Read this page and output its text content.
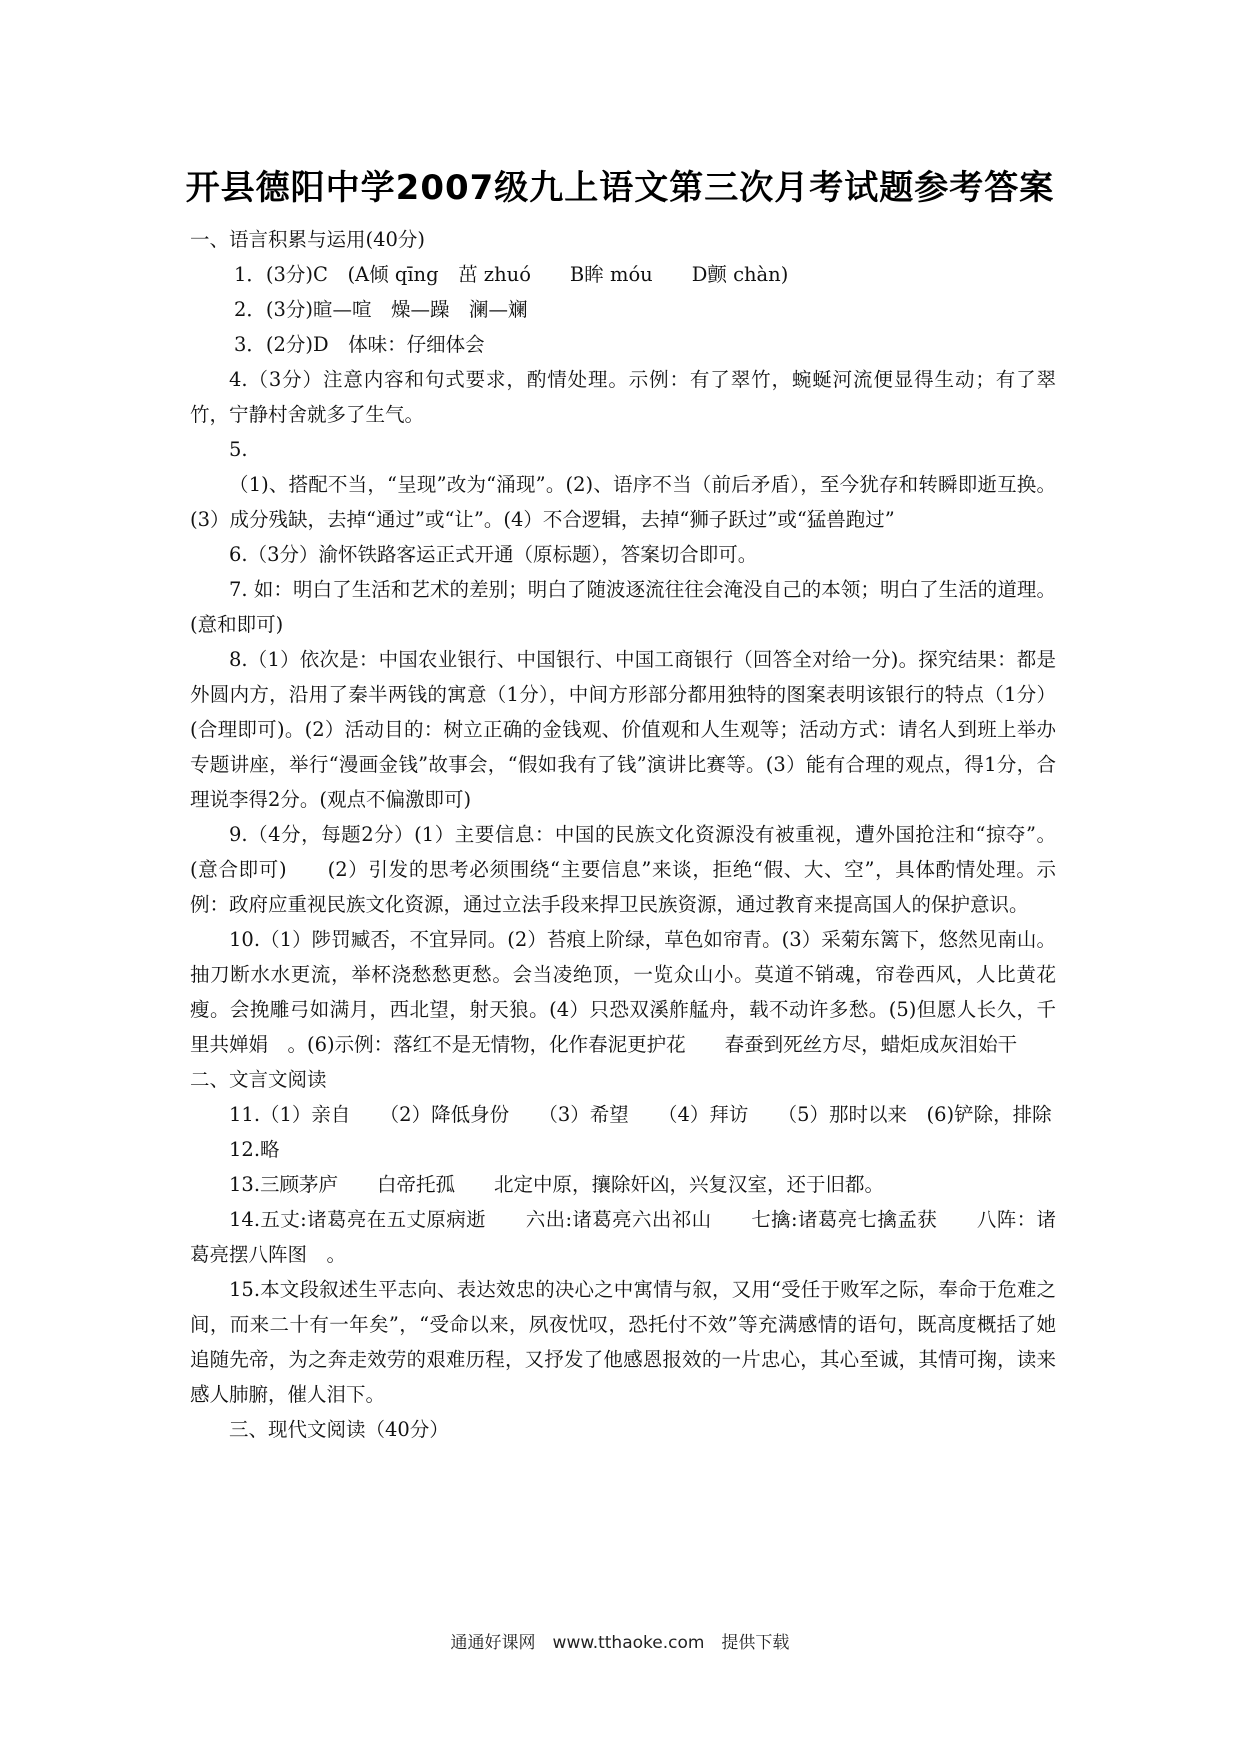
开县德阳中学2007级九上语文第三次月考试题参考答案

一、语言积累与运用(40分)

1．(3分)C　(A倾 qīng　茁 zhuó　　B眸 móu　　D颤 chàn)

2．(3分)暄—喧　燥—躁　澜—斓

3．(2分)D　体味：仔细体会

4.（3分）注意内容和句式要求，酌情处理。示例：有了翠竹，蜿蜒河流便显得生动；有了翠竹，宁静村舍就多了生气。

5.

（1)、搭配不当，“呈现”改为“涌现”。(2)、语序不当（前后矛盾），至今犹存和转瞬即逝互换。(3）成分残缺，去掉“通过”或“让”。(4）不合逻辑，去掉“狮子跃过”或“猛兽跑过”

6.（3分）渝怀铁路客运正式开通（原标题），答案切合即可。

7. 如：明白了生活和艺术的差别；明白了随波逐流往往会淹没自己的本领；明白了生活的道理。(意和即可)

8.（1）依次是：中国农业银行、中国银行、中国工商银行（回答全对给一分)。探究结果：都是外圆内方，沿用了秦半两钱的寓意（1分），中间方形部分都用独特的图案表明该银行的特点（1分）(合理即可)。(2）活动目的：树立正确的金钱观、价值观和人生观等；活动方式：请名人到班上举办专题讲座，举行“漫画金钱”故事会，“假如我有了钱”演讲比赛等。(3）能有合理的观点，得1分，合理说李得2分。(观点不偏激即可)

9.（4分，每题2分）(1）主要信息：中国的民族文化资源没有被重视，遭外国抢注和“掠夺”。(意合即可)　　(2）引发的思考必须围绕“主要信息”来谈，拒绝“假、大、空”，具体酌情处理。示例：政府应重视民族文化资源，通过立法手段来捍卫民族资源，通过教育来提高国人的保护意识。

10.（1）陟罚臧否，不宜异同。(2）苔痕上阶绿，草色如帘青。(3）采菊东篱下，悠然见南山。抽刀断水水更流，举杯浇愁愁更愁。会当凌绝顶，一览众山小。莫道不销魂，帘卷西风，人比黄花瘦。会挽雕弓如满月，西北望，射天狼。(4）只恐双溪舴艋舟，载不动许多愁。(5)但愿人长久，千里共婵娟　。(6)示例：落红不是无情物，化作春泥更护花　　春蚕到死丝方尽，蜡炬成灰泪始干

二、文言文阅读

11.（1）亲自　　（2）降低身份　　（3）希望　　（4）拜访　　（5）那时以来　(6)铲除，排除

12.略

13.三顾茅庐　　白帝托孤　　北定中原，攘除奸凶，兴复汉室，还于旧都。

14.五丈:诸葛亮在五丈原病逝　　六出:诸葛亮六出祁山　　七擒:诸葛亮七擒孟获　　八阵：诸葛亮摆八阵图　。

15.本文段叙述生平志向、表达效忠的决心之中寓情与叙，又用“受任于败军之际，奉命于危难之间，而来二十有一年矣”，“受命以来，夙夜忧叹，恐托付不效”等充满感情的语句，既高度概括了她追随先帝，为之奔走效劳的艰难历程，又抒发了他感恩报效的一片忠心，其心至诚，其情可掬，读来感人肺腑，催人泪下。

三、现代文阅读（40分）

通通好课网　www.tthaoke.com　提供下载
